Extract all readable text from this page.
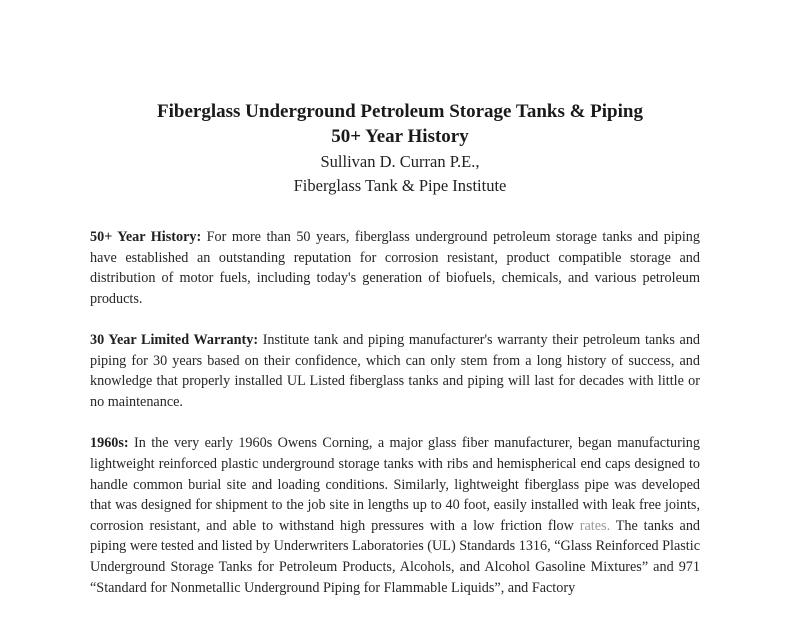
Fiberglass Underground Petroleum Storage Tanks & Piping

50+ Year History

Sullivan D. Curran P.E.,

Fiberglass Tank & Pipe Institute

50+ Year History: For more than 50 years, fiberglass underground petroleum storage tanks and piping have established an outstanding reputation for corrosion resistant, product compatible storage and distribution of motor fuels, including today's generation of biofuels, chemicals, and various petroleum products.

30 Year Limited Warranty: Institute tank and piping manufacturer's warranty their petroleum tanks and piping for 30 years based on their confidence, which can only stem from a long history of success, and knowledge that properly installed UL Listed fiberglass tanks and piping will last for decades with little or no maintenance.

1960s: In the very early 1960s Owens Corning, a major glass fiber manufacturer, began manufacturing lightweight reinforced plastic underground storage tanks with ribs and hemispherical end caps designed to handle common burial site and loading conditions. Similarly, lightweight fiberglass pipe was developed that was designed for shipment to the job site in lengths up to 40 foot, easily installed with leak free joints, corrosion resistant, and able to withstand high pressures with a low friction flow rates. The tanks and piping were tested and listed by Underwriters Laboratories (UL) Standards 1316, “Glass Reinforced Plastic Underground Storage Tanks for Petroleum Products, Alcohols, and Alcohol Gasoline Mixtures” and 971 “Standard for Nonmetallic Underground Piping for Flammable Liquids”, and Factory
